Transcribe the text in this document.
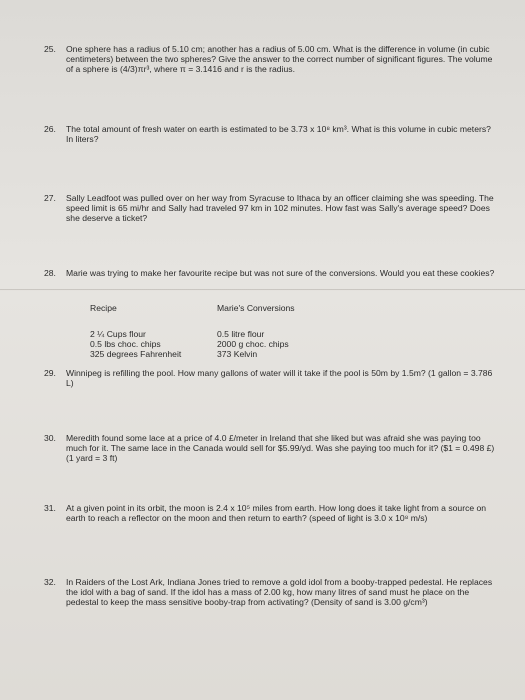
25. One sphere has a radius of 5.10 cm; another has a radius of 5.00 cm. What is the difference in volume (in cubic centimeters) between the two spheres? Give the answer to the correct number of significant figures. The volume of a sphere is (4/3)πr³, where π = 3.1416 and r is the radius.
26. The total amount of fresh water on earth is estimated to be 3.73 x 10⁸ km³. What is this volume in cubic meters? In liters?
27. Sally Leadfoot was pulled over on her way from Syracuse to Ithaca by an officer claiming she was speeding. The speed limit is 65 mi/hr and Sally had traveled 97 km in 102 minutes. How fast was Sally's average speed? Does she deserve a ticket?
28. Marie was trying to make her favourite recipe but was not sure of the conversions. Would you eat these cookies?
Recipe	Marie's Conversions
2 ¼ Cups flour	0.5 litre flour
0.5 lbs choc. chips	2000 g choc. chips
325 degrees Fahrenheit	373 Kelvin
29. Winnipeg is refilling the pool. How many gallons of water will it take if the pool is 50m by 1.5m? (1 gallon = 3.786 L)
30. Meredith found some lace at a price of 4.0 £/meter in Ireland that she liked but was afraid she was paying too much for it. The same lace in the Canada would sell for $5.99/yd. Was she paying too much for it? ($1 = 0.498 £) (1 yard = 3 ft)
31. At a given point in its orbit, the moon is 2.4 x 10⁵ miles from earth. How long does it take light from a source on earth to reach a reflector on the moon and then return to earth? (speed of light is 3.0 x 10⁸ m/s)
32. In Raiders of the Lost Ark, Indiana Jones tried to remove a gold idol from a booby-trapped pedestal. He replaces the idol with a bag of sand. If the idol has a mass of 2.00 kg, how many litres of sand must he place on the pedestal to keep the mass sensitive booby-trap from activating? (Density of sand is 3.00 g/cm³)
